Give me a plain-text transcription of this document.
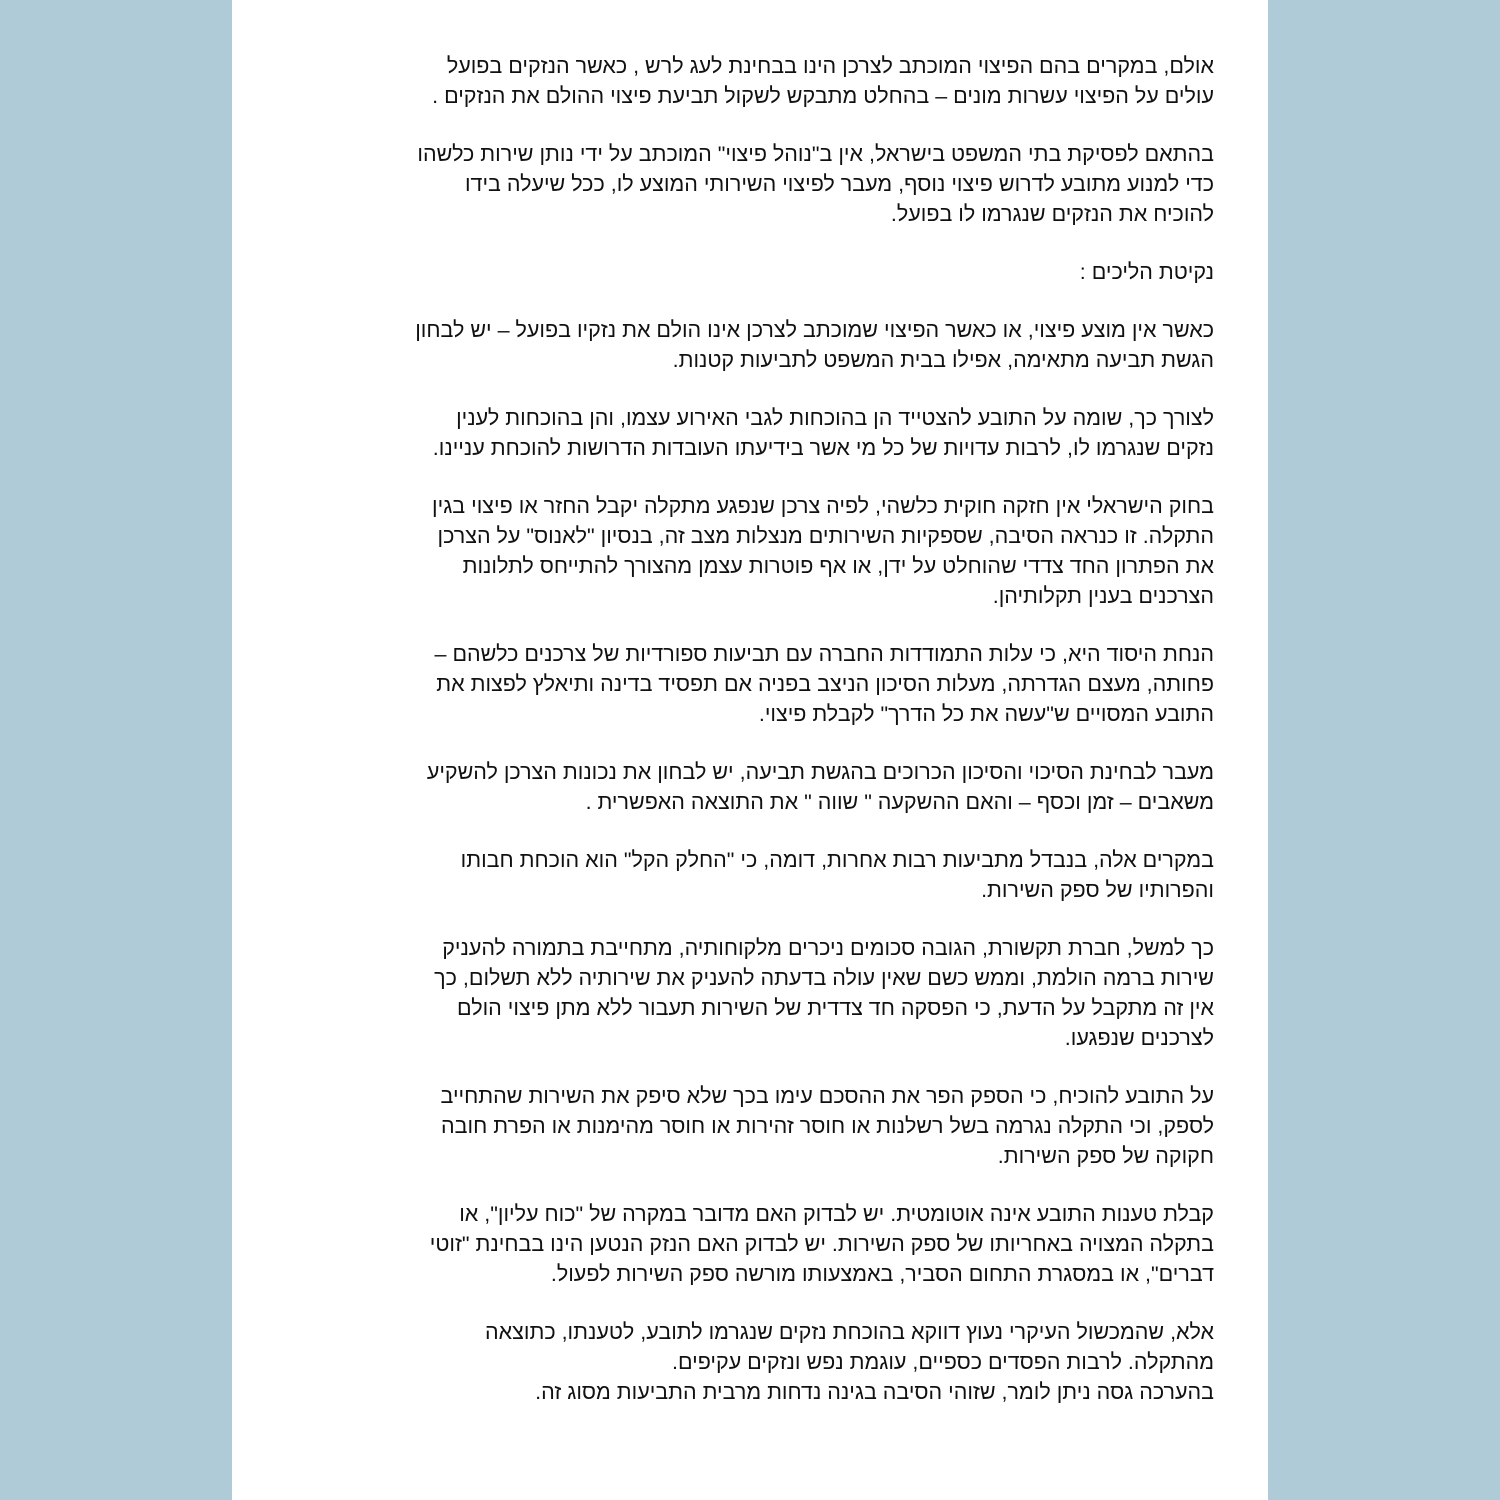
אולם, במקרים בהם הפיצוי המוכתב לצרכן הינו בבחינת לעג לרש , כאשר הנזקים בפועל
עולים על הפיצוי עשרות מונים – בהחלט מתבקש לשקול תביעת פיצוי ההולם את הנזקים .

בהתאם לפסיקת בתי המשפט בישראל, אין ב"נוהל פיצוי" המוכתב על ידי נותן שירות כלשהו
כדי למנוע מתובע לדרוש פיצוי נוסף, מעבר לפיצוי השירותי המוצע לו, ככל שיעלה בידו
להוכיח את הנזקים שנגרמו לו בפועל.

נקיטת הליכים :

כאשר אין מוצע פיצוי, או כאשר הפיצוי שמוכתב לצרכן אינו הולם את נזקיו בפועל – יש לבחון
הגשת תביעה מתאימה, אפילו בבית המשפט לתביעות קטנות.

לצורך כך, שומה על התובע להצטייד הן בהוכחות לגבי האירוע עצמו, והן בהוכחות לענין
נזקים שנגרמו לו, לרבות עדויות של כל מי אשר בידיעתו העובדות הדרושות להוכחת עניינו.

בחוק הישראלי אין חזקה חוקית כלשהי, לפיה צרכן שנפגע מתקלה יקבל החזר או פיצוי בגין
התקלה. זו כנראה הסיבה, שספקיות השירותים מנצלות מצב זה, בנסיון "לאנוס" על הצרכן
את הפתרון החד צדדי שהוחלט על ידן, או אף פוטרות עצמן מהצורך להתייחס לתלונות
הצרכנים בענין תקלותיהן.

הנחת היסוד היא, כי עלות התמודדות החברה עם תביעות ספורדיות של צרכנים כלשהם –
פחותה, מעצם הגדרתה, מעלות הסיכון הניצב בפניה אם תפסיד בדינה ותיאלץ לפצות את
התובע המסויים ש"עשה את כל הדרך" לקבלת פיצוי.

מעבר לבחינת הסיכוי והסיכון הכרוכים בהגשת תביעה, יש לבחון את נכונות הצרכן להשקיע
משאבים – זמן וכסף – והאם ההשקעה " שווה " את התוצאה האפשרית .

במקרים אלה, בנבדל מתביעות רבות אחרות, דומה, כי "החלק הקל" הוא הוכחת חבותו
והפרותיו של ספק השירות.

כך למשל, חברת תקשורת, הגובה סכומים ניכרים מלקוחותיה, מתחייבת בתמורה להעניק
שירות ברמה הולמת, וממש כשם שאין עולה בדעתה להעניק את שירותיה ללא תשלום, כך
אין זה מתקבל על הדעת, כי הפסקה חד צדדית של השירות תעבור ללא מתן פיצוי הולם
לצרכנים שנפגעו.

על התובע להוכיח, כי הספק הפר את ההסכם עימו בכך שלא סיפק את השירות שהתחייב
לספק, וכי התקלה נגרמה בשל רשלנות או חוסר זהירות או חוסר מהימנות או הפרת חובה
חקוקה של ספק השירות.

קבלת טענות התובע אינה אוטומטית. יש לבדוק האם מדובר במקרה של "כוח עליון", או
בתקלה המצויה באחריותו של ספק השירות. יש לבדוק האם הנזק הנטען הינו בבחינת "זוטי
דברים", או במסגרת התחום הסביר, באמצעותו מורשה ספק השירות לפעול.

אלא, שהמכשול העיקרי נעוץ דווקא בהוכחת נזקים שנגרמו לתובע, לטענתו, כתוצאה
מהתקלה. לרבות הפסדים כספיים, עוגמת נפש ונזקים עקיפים.
בהערכה גסה ניתן לומר, שזוהי הסיבה בגינה נדחות מרבית התביעות מסוג זה.
